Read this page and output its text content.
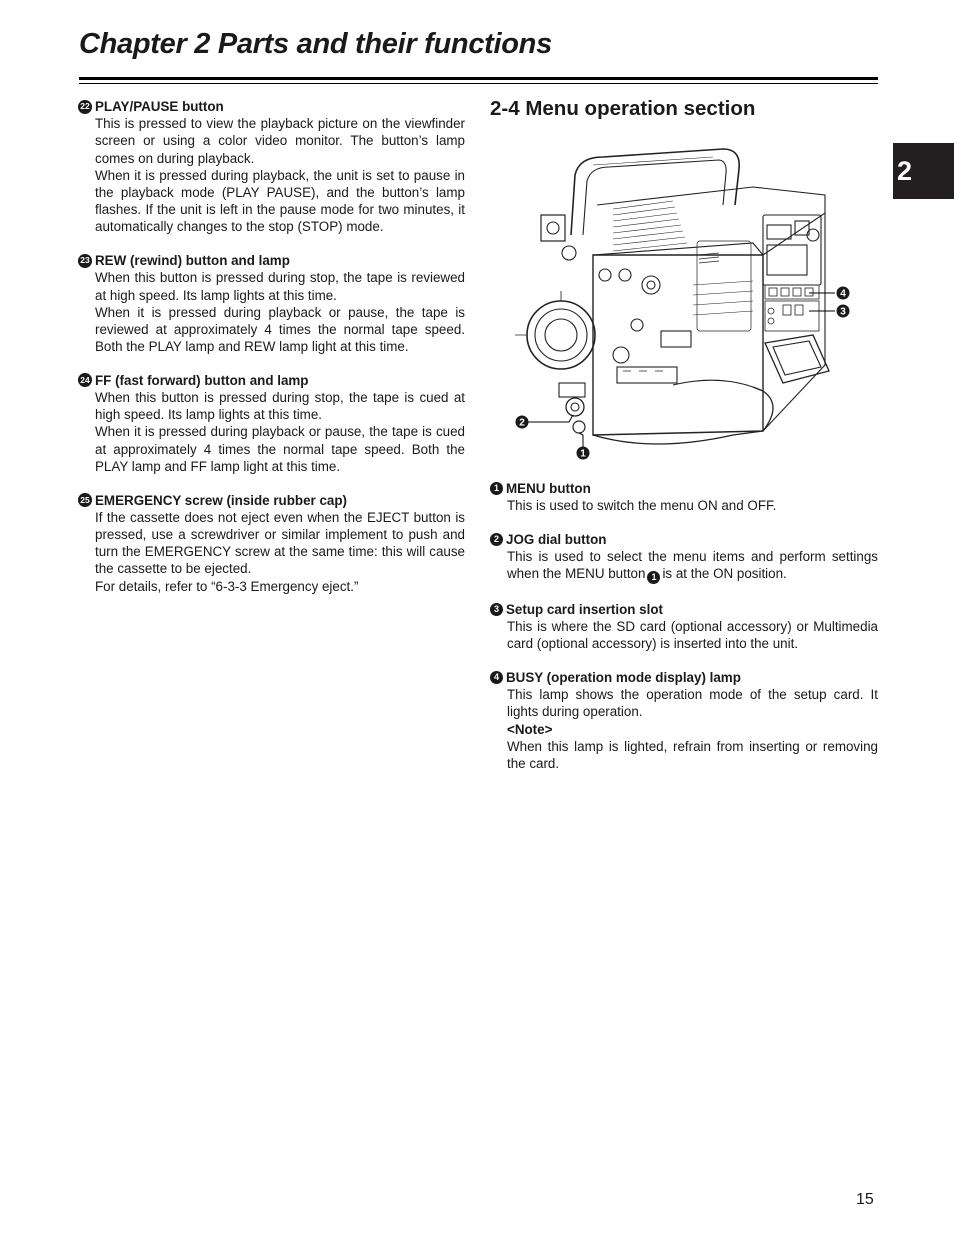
Chapter 2 Parts and their functions
2
22 PLAY/PAUSE button

This is pressed to view the playback picture on the viewfinder screen or using a color video monitor. The button’s lamp comes on during playback.

When it is pressed during playback, the unit is set to pause in the playback mode (PLAY PAUSE), and the button’s lamp flashes. If the unit is left in the pause mode for two minutes, it automatically changes to the stop (STOP) mode.

23 REW (rewind) button and lamp

When this button is pressed during stop, the tape is reviewed at high speed. Its lamp lights at this time.

When it is pressed during playback or pause, the tape is reviewed at approximately 4 times the normal tape speed. Both the PLAY lamp and REW lamp light at this time.

24 FF (fast forward) button and lamp

When this button is pressed during stop, the tape is cued at high speed. Its lamp lights at this time.

When it is pressed during playback or pause, the tape is cued at approximately 4 times the normal tape speed. Both the PLAY lamp and FF lamp light at this time.

25 EMERGENCY screw (inside rubber cap)

If the cassette does not eject even when the EJECT button is pressed, use a screwdriver or similar implement to push and turn the EMERGENCY screw at the same time: this will cause the cassette to be ejected.

For details, refer to “6-3-3 Emergency eject.”

2-4 Menu operation section
2
1
4
3
1 MENU button

This is used to switch the menu ON and OFF.

2 JOG dial button

This is used to select the menu items and perform settings when the MENU button 1 is at the ON position.

3 Setup card insertion slot

This is where the SD card (optional accessory) or Multimedia card (optional accessory) is inserted into the unit.

4 BUSY (operation mode display) lamp

This lamp shows the operation mode of the setup card. It lights during operation.

<Note>

When this lamp is lighted, refrain from inserting or removing the card.

15
